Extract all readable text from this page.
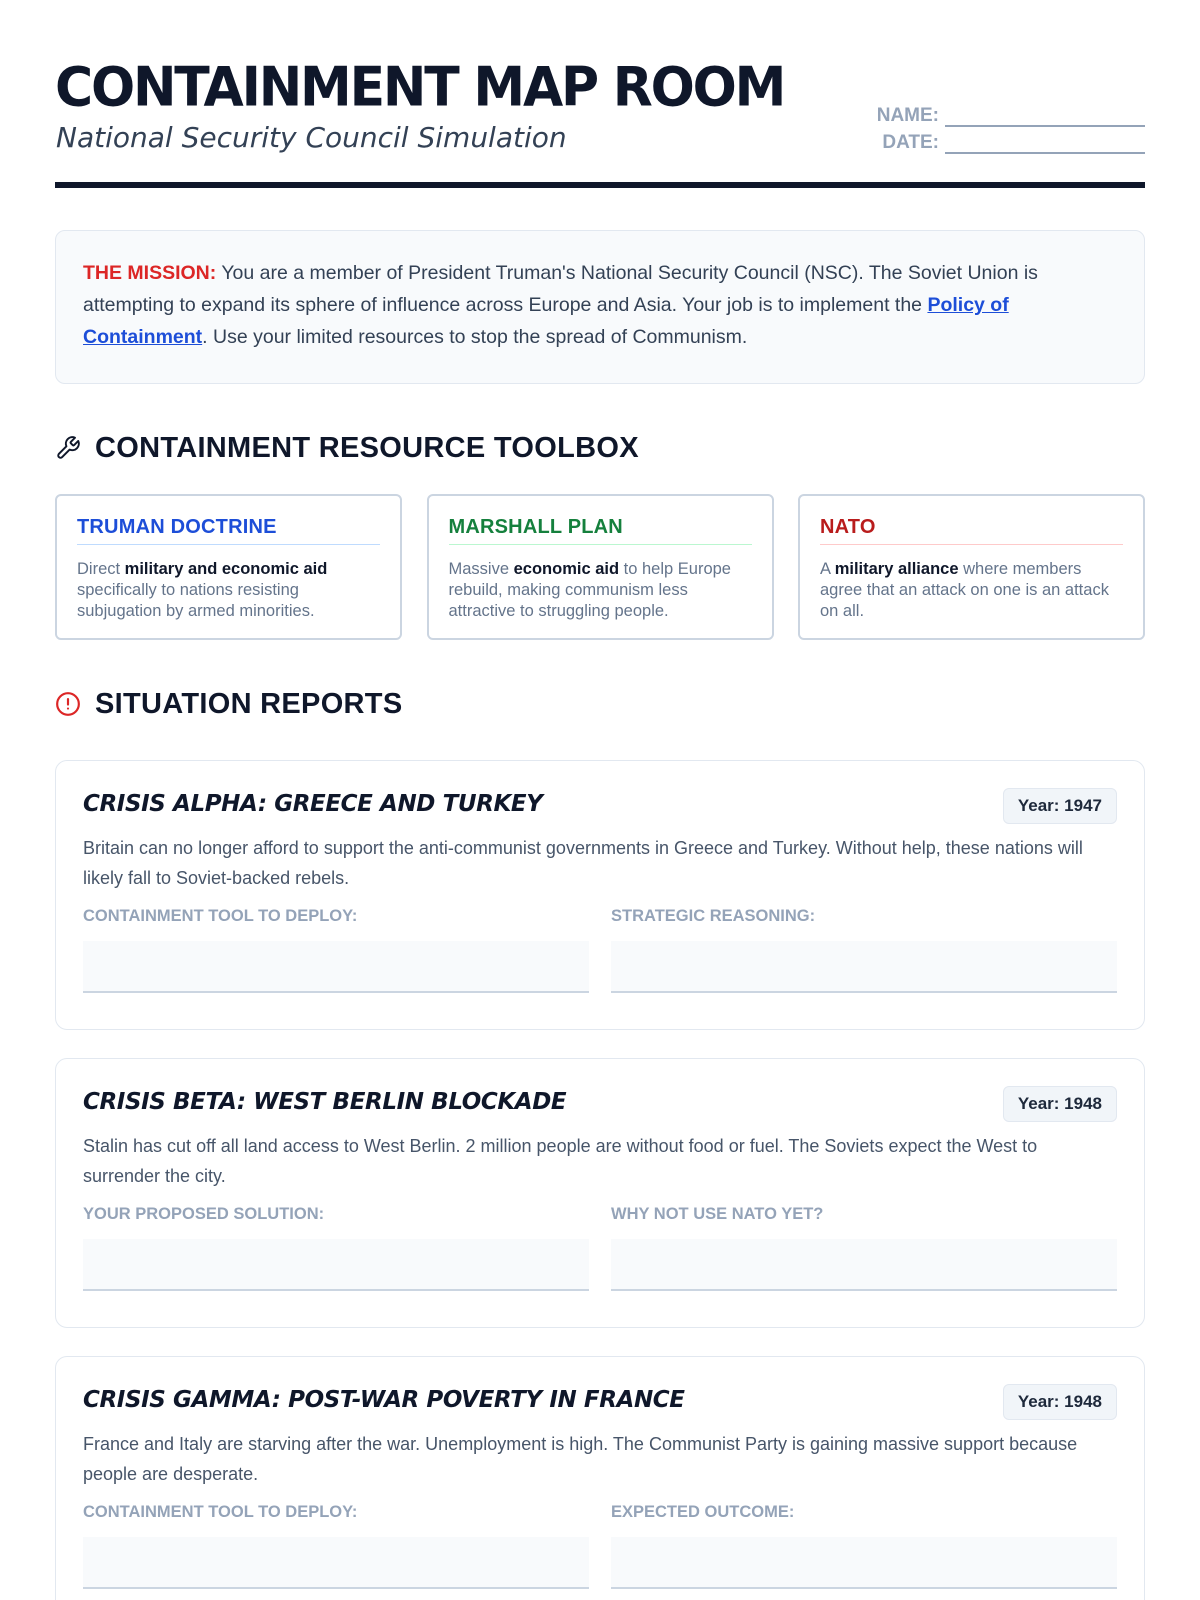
CONTAINMENT MAP ROOM
National Security Council Simulation
NAME:
DATE:
THE MISSION: You are a member of President Truman's National Security Council (NSC). The Soviet Union is attempting to expand its sphere of influence across Europe and Asia. Your job is to implement the Policy of Containment. Use your limited resources to stop the spread of Communism.
CONTAINMENT RESOURCE TOOLBOX
TRUMAN DOCTRINE
Direct military and economic aid specifically to nations resisting subjugation by armed minorities.
MARSHALL PLAN
Massive economic aid to help Europe rebuild, making communism less attractive to struggling people.
NATO
A military alliance where members agree that an attack on one is an attack on all.
SITUATION REPORTS
CRISIS ALPHA: GREECE AND TURKEY	Year: 1947
Britain can no longer afford to support the anti-communist governments in Greece and Turkey. Without help, these nations will likely fall to Soviet-backed rebels.
CONTAINMENT TOOL TO DEPLOY:	STRATEGIC REASONING:
CRISIS BETA: WEST BERLIN BLOCKADE	Year: 1948
Stalin has cut off all land access to West Berlin. 2 million people are without food or fuel. The Soviets expect the West to surrender the city.
YOUR PROPOSED SOLUTION:	WHY NOT USE NATO YET?
CRISIS GAMMA: POST-WAR POVERTY IN FRANCE	Year: 1948
France and Italy are starving after the war. Unemployment is high. The Communist Party is gaining massive support because people are desperate.
CONTAINMENT TOOL TO DEPLOY:	EXPECTED OUTCOME:
